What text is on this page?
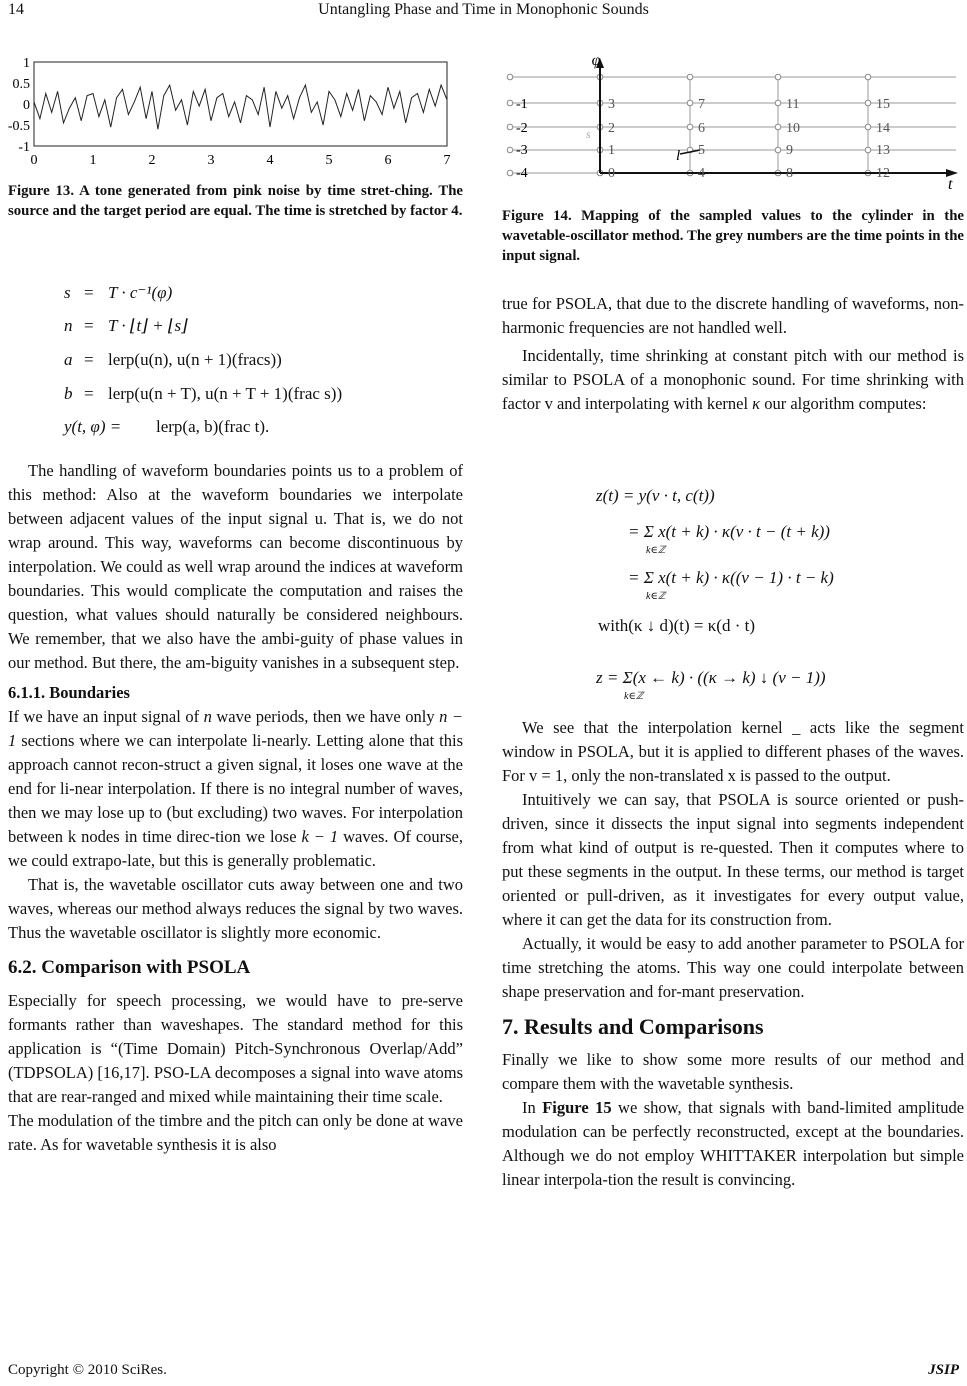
Untangling Phase and Time in Monophonic Sounds
14
1
0.5
0
-0.5
-1
0	1	2	3	4	5	6	7
Figure 13. A tone generated from pink noise by time stret-ching. The source and the target period are equal. The time is stretched by factor 4.
s = T · c⁻¹(φ)
n = T · ⌊t⌋ + ⌊s⌋
a = lerp(u(n), u(n + 1)(fracs))
b = lerp(u(n + T), u(n + T + 1)(frac s))
y(t, φ) = lerp(a, b)(frac t).

The handling of waveform boundaries points us to a problem of this method: Also at the waveform boundaries we interpolate between adjacent values of the input signal u. That is, we do not wrap around. This way, waveforms can become discontinuous by interpolation. We could as well wrap around the indices at waveform boundaries. This would complicate the computation and raises the question, what values should naturally be considered neighbours. We remember, that we also have the ambi-guity of phase values in our method. But there, the am-biguity vanishes in a subsequent step.

6.1.1. Boundaries

If we have an input signal of n wave periods, then we have only n − 1 sections where we can interpolate li-nearly. Letting alone that this approach cannot recon-struct a given signal, it loses one wave at the end for li-near interpolation. If there is no integral number of waves, then we may lose up to (but excluding) two waves. For interpolation between k nodes in time direc-tion we lose k − 1 waves. Of course, we could extrapo-late, but this is generally problematic.

That is, the wavetable oscillator cuts away between one and two waves, whereas our method always reduces the signal by two waves. Thus the wavetable oscillator is slightly more economic.

6.2. Comparison with PSOLA

Especially for speech processing, we would have to pre-serve formants rather than waveshapes. The standard method for this application is “(Time Domain) Pitch-Synchronous Overlap/Add” (TDPSOLA) [16,17]. PSO-LA decomposes a signal into wave atoms that are rear-ranged and mixed while maintaining their time scale.

The modulation of the timbre and the pitch can only be done at wave rate. As for wavetable synthesis it is also

φ
t
l
s
-1
-2
-3
-4
3	7	11	15
2	6	10	14
1	5	9	13
0	4	8	12
Figure 14. Mapping of the sampled values to the cylinder in the wavetable-oscillator method. The grey numbers are the time points in the input signal.

true for PSOLA, that due to the discrete handling of waveforms, non-harmonic frequencies are not handled well.

Incidentally, time shrinking at constant pitch with our method is similar to PSOLA of a monophonic sound. For time shrinking with factor v and interpolating with kernel κ our algorithm computes:

z(t) = y(v · t, c(t))
= Σ x(t + k) · κ(v · t − (t + k))
k∈ℤ
= Σ x(t + k) · κ((v − 1) · t − k)
k∈ℤ
with(κ ↓ d)(t) = κ(d · t)
z = Σ(x ← k) · ((κ → k) ↓ (v − 1))
k∈ℤ

We see that the interpolation kernel _ acts like the segment window in PSOLA, but it is applied to different phases of the waves. For v = 1, only the non-translated x is passed to the output.

Intuitively we can say, that PSOLA is source oriented or push-driven, since it dissects the input signal into segments independent from what kind of output is re-quested. Then it computes where to put these segments in the output. In these terms, our method is target oriented or pull-driven, as it investigates for every output value, where it can get the data for its construction from.

Actually, it would be easy to add another parameter to PSOLA for time stretching the atoms. This way one could interpolate between shape preservation and for-mant preservation.

7. Results and Comparisons

Finally we like to show some more results of our method and compare them with the wavetable synthesis.

In Figure 15 we show, that signals with band-limited amplitude modulation can be perfectly reconstructed, except at the boundaries. Although we do not employ WHITTAKER interpolation but simple linear interpola-tion the result is convincing.

Copyright © 2010 SciRes.	JSIP
